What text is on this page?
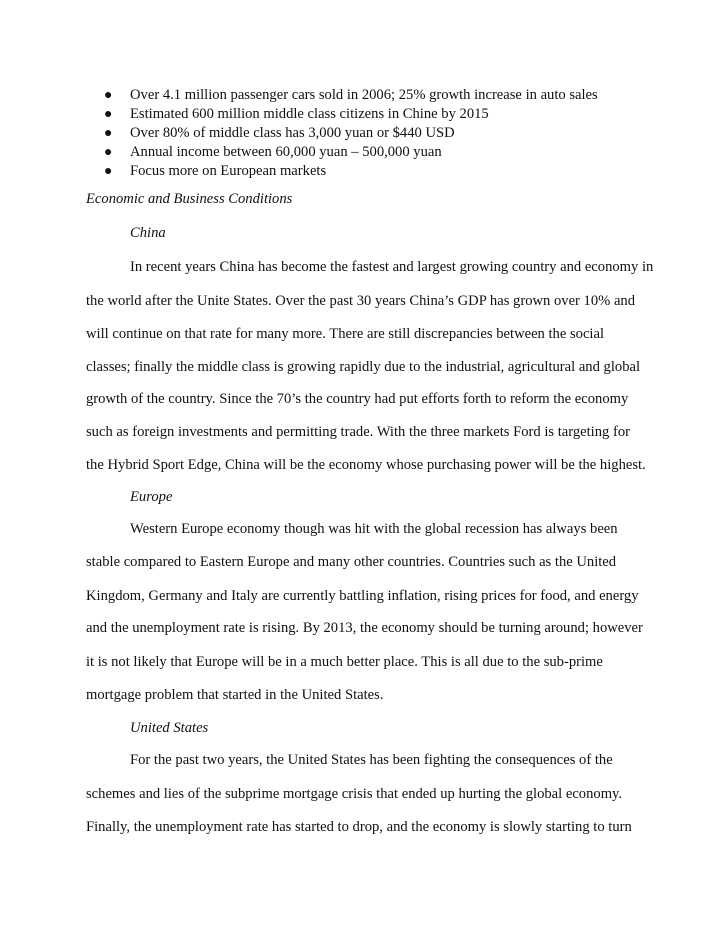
● Over 4.1 million passenger cars sold in 2006; 25% growth increase in auto sales
● Estimated 600 million middle class citizens in Chine by 2015
● Over 80% of middle class has 3,000 yuan or $440 USD
● Annual income between 60,000 yuan – 500,000 yuan
● Focus more on European markets
Economic and Business Conditions
China
In recent years China has become the fastest and largest growing country and economy in
the world after the Unite States. Over the past 30 years China’s GDP has grown over 10% and
will continue on that rate for many more. There are still discrepancies between the social
classes; finally the middle class is growing rapidly due to the industrial, agricultural and global
growth of the country. Since the 70’s the country had put efforts forth to reform the economy
such as foreign investments and permitting trade. With the three markets Ford is targeting for
the Hybrid Sport Edge, China will be the economy whose purchasing power will be the highest.
Europe
Western Europe economy though was hit with the global recession has always been
stable compared to Eastern Europe and many other countries. Countries such as the United
Kingdom, Germany and Italy are currently battling inflation, rising prices for food, and energy
and the unemployment rate is rising. By 2013, the economy should be turning around; however
it is not likely that Europe will be in a much better place. This is all due to the sub-prime
mortgage problem that started in the United States.
United States
For the past two years, the United States has been fighting the consequences of the
schemes and lies of the subprime mortgage crisis that ended up hurting the global economy.
Finally, the unemployment rate has started to drop, and the economy is slowly starting to turn
